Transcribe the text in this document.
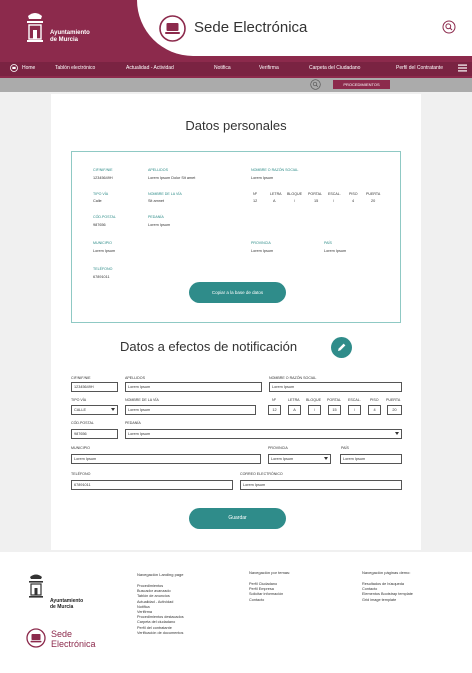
Ayuntamiento
de Murcia
Sede Electrónica
Home	Tablón electrónico	Actualidad - Actividad	Notifica	Verifirma	Carpeta del Ciudadano	Perfil del Contratante
PROCEDIMIENTOS
Datos personales
CIF/NIF/NIE
12345649H
APELLIDOS
Lorem Ipsum Dolor Sit amet
NOMBRE O RAZÓN SOCIAL
Lorem Ipsum
TIPO VÍA
Calle
NOMBRE DE LA VÍA
Sit amnet
Nº
12
LETRA
A
BLOQUE
/
PORTAL
15
ESCAL.
/
PISO
4
PUERTA
20
CÓD.POSTAL
987656
PEDANÍA
Lorem Ipsum
MUNICIPIO
Lorem Ipsum
PROVINCIA
Lorem Ipsum
PAÍS
Lorem Ipsum
TELÉFONO
67891011
Copiar a la base de datos
Datos a efectos de notificación
CIF/NIF/NIE
12345649H
APELLIDOS
Lorem Ipsum
NOMBRE O RAZÓN SOCIAL
Lorem Ipsum
TIPO VÍA
CALLE
NOMBRE DE LA VÍA
Lorem Ipsum
Nº
12
LETRA
A
BLOQUE
/
PORTAL
15
ESCAL.
/
PISO
4
PUERTA
20
CÓD.POSTAL
987656
PEDANÍA
Lorem Ipsum
MUNICIPIO
Lorem Ipsum
PROVINCIA
Lorem Ipsum
PAÍS
Lorem Ipsum
TELÉFONO
67891011
CORREO ELECTRÓNICO
Lorem Ipsum
Guardar
Ayuntamiento
de Murcia
Sede
Electrónica
Navegación Landing page
Procedimientos
Buscador avanzado
Tablón de anuncios
Actualidad - Actividad
Notifica
Verifirma
Procedimientos destacados
Carpeta del ciudadano
Perfil del contratante
Verificación de documentos
Navegación por temas:
Perfil Ciudadano
Perfil Empresa
Solicitar información
Contacto
Navegación páginas demo:
Resultados de búsqueda
Contacto
Elementos Bootstrap template
Grid image template
